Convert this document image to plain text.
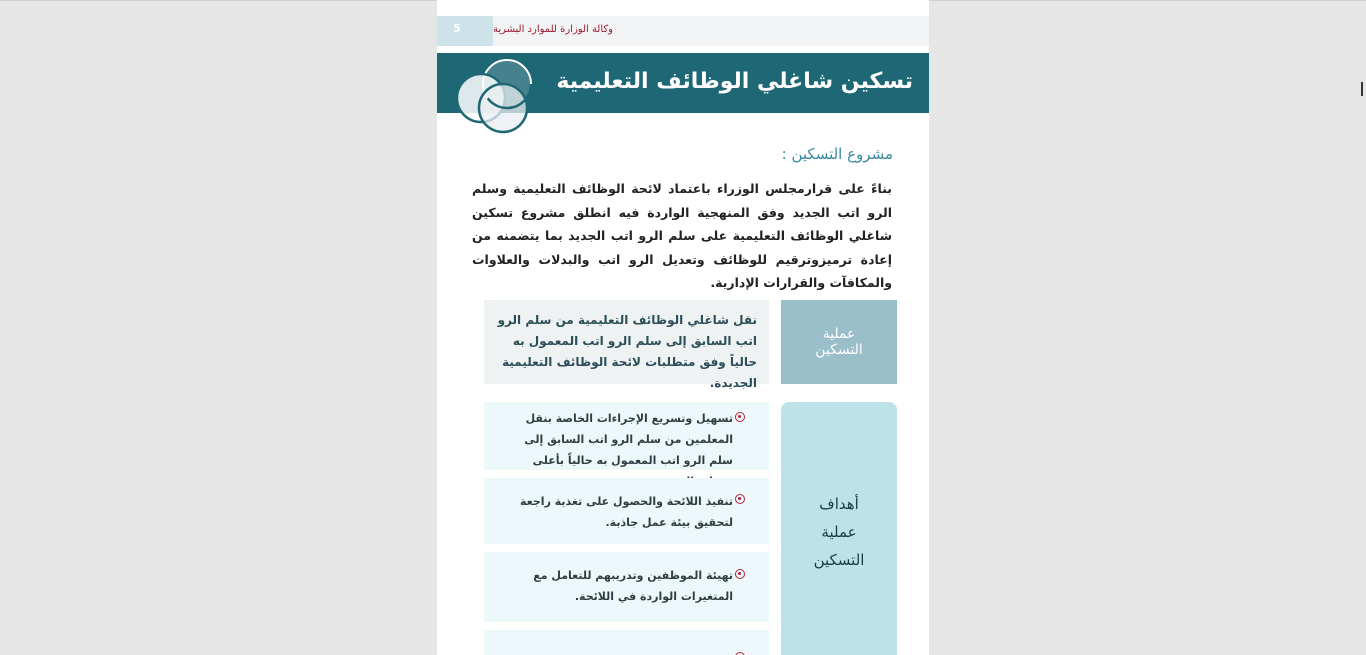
5	وكالة الوزارة للموارد البشرية
تسكين شاغلي الوظائف التعليمية
مشروع التسكين :
بناءً على قرارمجلس الوزراء باعتماد لائحة الوظائف التعليمية وسلم الرو اتب الجديد وفق المنهجية الواردة فيه انطلق مشروع تسكين شاغلي الوظائف التعليمية على سلم الرو اتب الجديد بما يتضمنه من إعادة ترميزوترقيم للوظائف وتعديل الرو اتب والبدلات والعلاوات والمكافآت والقرارات الإدارية.
عملية
التسكين
نقل شاغلي الوظائف التعليمية من سلم الرو اتب السابق إلى سلم الرو اتب المعمول به حالياً وفق متطلبات لائحة الوظائف التعليمية الجديدة.
أهداف
عملية
التسكين
تسهيل وتسريع الإجراءات الخاصة بنقل المعلمين من سلم الرو اتب السابق إلى سلم الرو اتب المعمول به حالياً بأعلى
تنفيذ اللائحة والحصول على تغذية راجعة لتحقيق بيئة عمل جاذبة.
تهيئة الموظفين وتدريبهم للتعامل مع المتغيرات الواردة في اللائحة.
